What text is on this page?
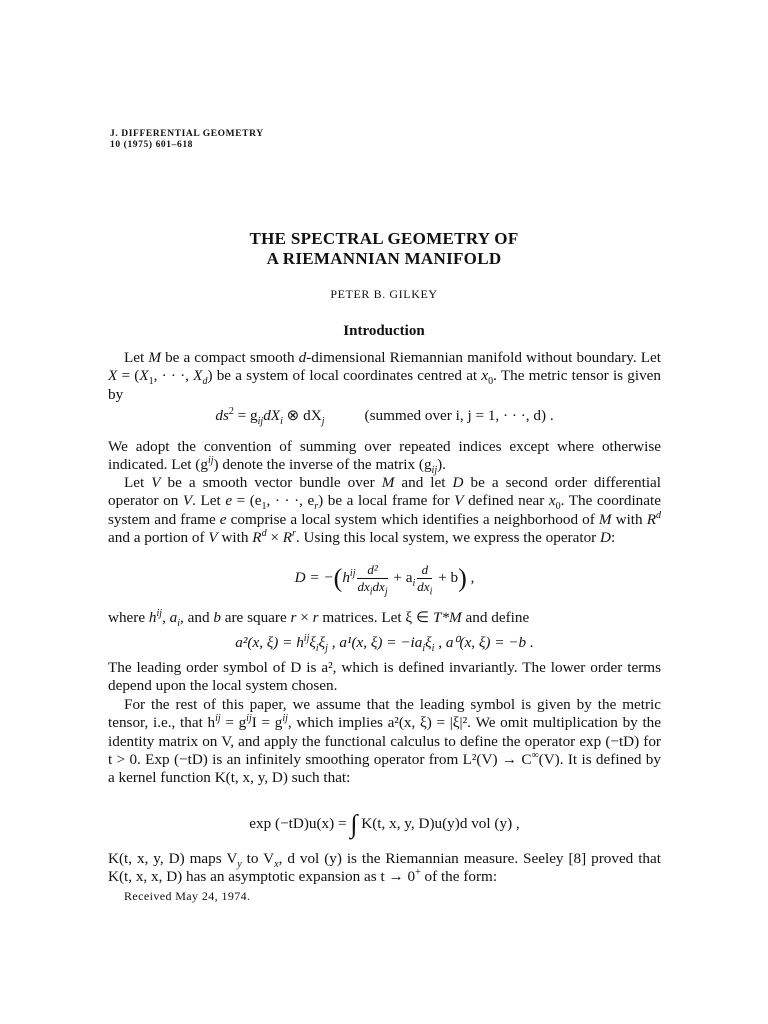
J. DIFFERENTIAL GEOMETRY
10 (1975) 601–618
THE SPECTRAL GEOMETRY OF
A RIEMANNIAN MANIFOLD
PETER B. GILKEY
Introduction
Let M be a compact smooth d-dimensional Riemannian manifold without boundary. Let $X = (X_1$, · · ·, $X_d$) be a system of local coordinates centred at $x_0$. The metric tensor is given by
$ds^2 = g_{ij}dX_i$ ⊗ $dX_j$	(summed over i, j = 1, · · ·, d) .
We adopt the convention of summing over repeated indices except where otherwise indicated. Let $(g^{ij})$ denote the inverse of the matrix $(g_{ij})$.
Let V be a smooth vector bundle over M and let D be a second order differential operator on V. Let $e = (e_1$, · · ·, $e_r$) be a local frame for V defined near $x_0$. The coordinate system and frame e comprise a local system which identifies a neighborhood of M with $R^d$ and a portion of V with $R^d \times R^r$. Using this local system, we express the operator D:
$D = -(h^{ij} \frac{\text{d²}}{dx_idx_j} + a_i \frac{d}{dx_i} + b)$ ,
where $h^{ij}$, $a_i$, and b are square r × r matrices. Let ξ ∈ T*M and define
a²(x, $\xi) = h^{ij}\xi_i\xi_j$ , a¹(x, $\xi) = -ia_i\xi_i$ , a⁰(x, ξ) = −b .
The leading order symbol of D is a², which is defined invariantly. The lower order terms depend upon the local system chosen.
For the rest of this paper, we assume that the leading symbol is given by the metric tensor, i.e., that $h^{ij} = g^{ij}I = g^{ij}$, which implies a²(x, ξ) = |ξ|². We omit multiplication by the identity matrix on V, and apply the functional calculus to define the operator exp (−tD) for t > 0. Exp (−tD) is an infinitely smoothing operator from L²(V) → C∞(V). It is defined by a kernel function K(t, x, y, D) such that:
exp (−tD)u(x) = ∫ K(t, x, y, D)u(y)d vol (y) ,
K(t, x, y, D) maps $V_y$ to $V_x$, d vol (y) is the Riemannian measure. Seeley [8] proved that K(t, x, x, D) has an asymptotic expansion as t → 0+ of the form:
Received May 24, 1974.
